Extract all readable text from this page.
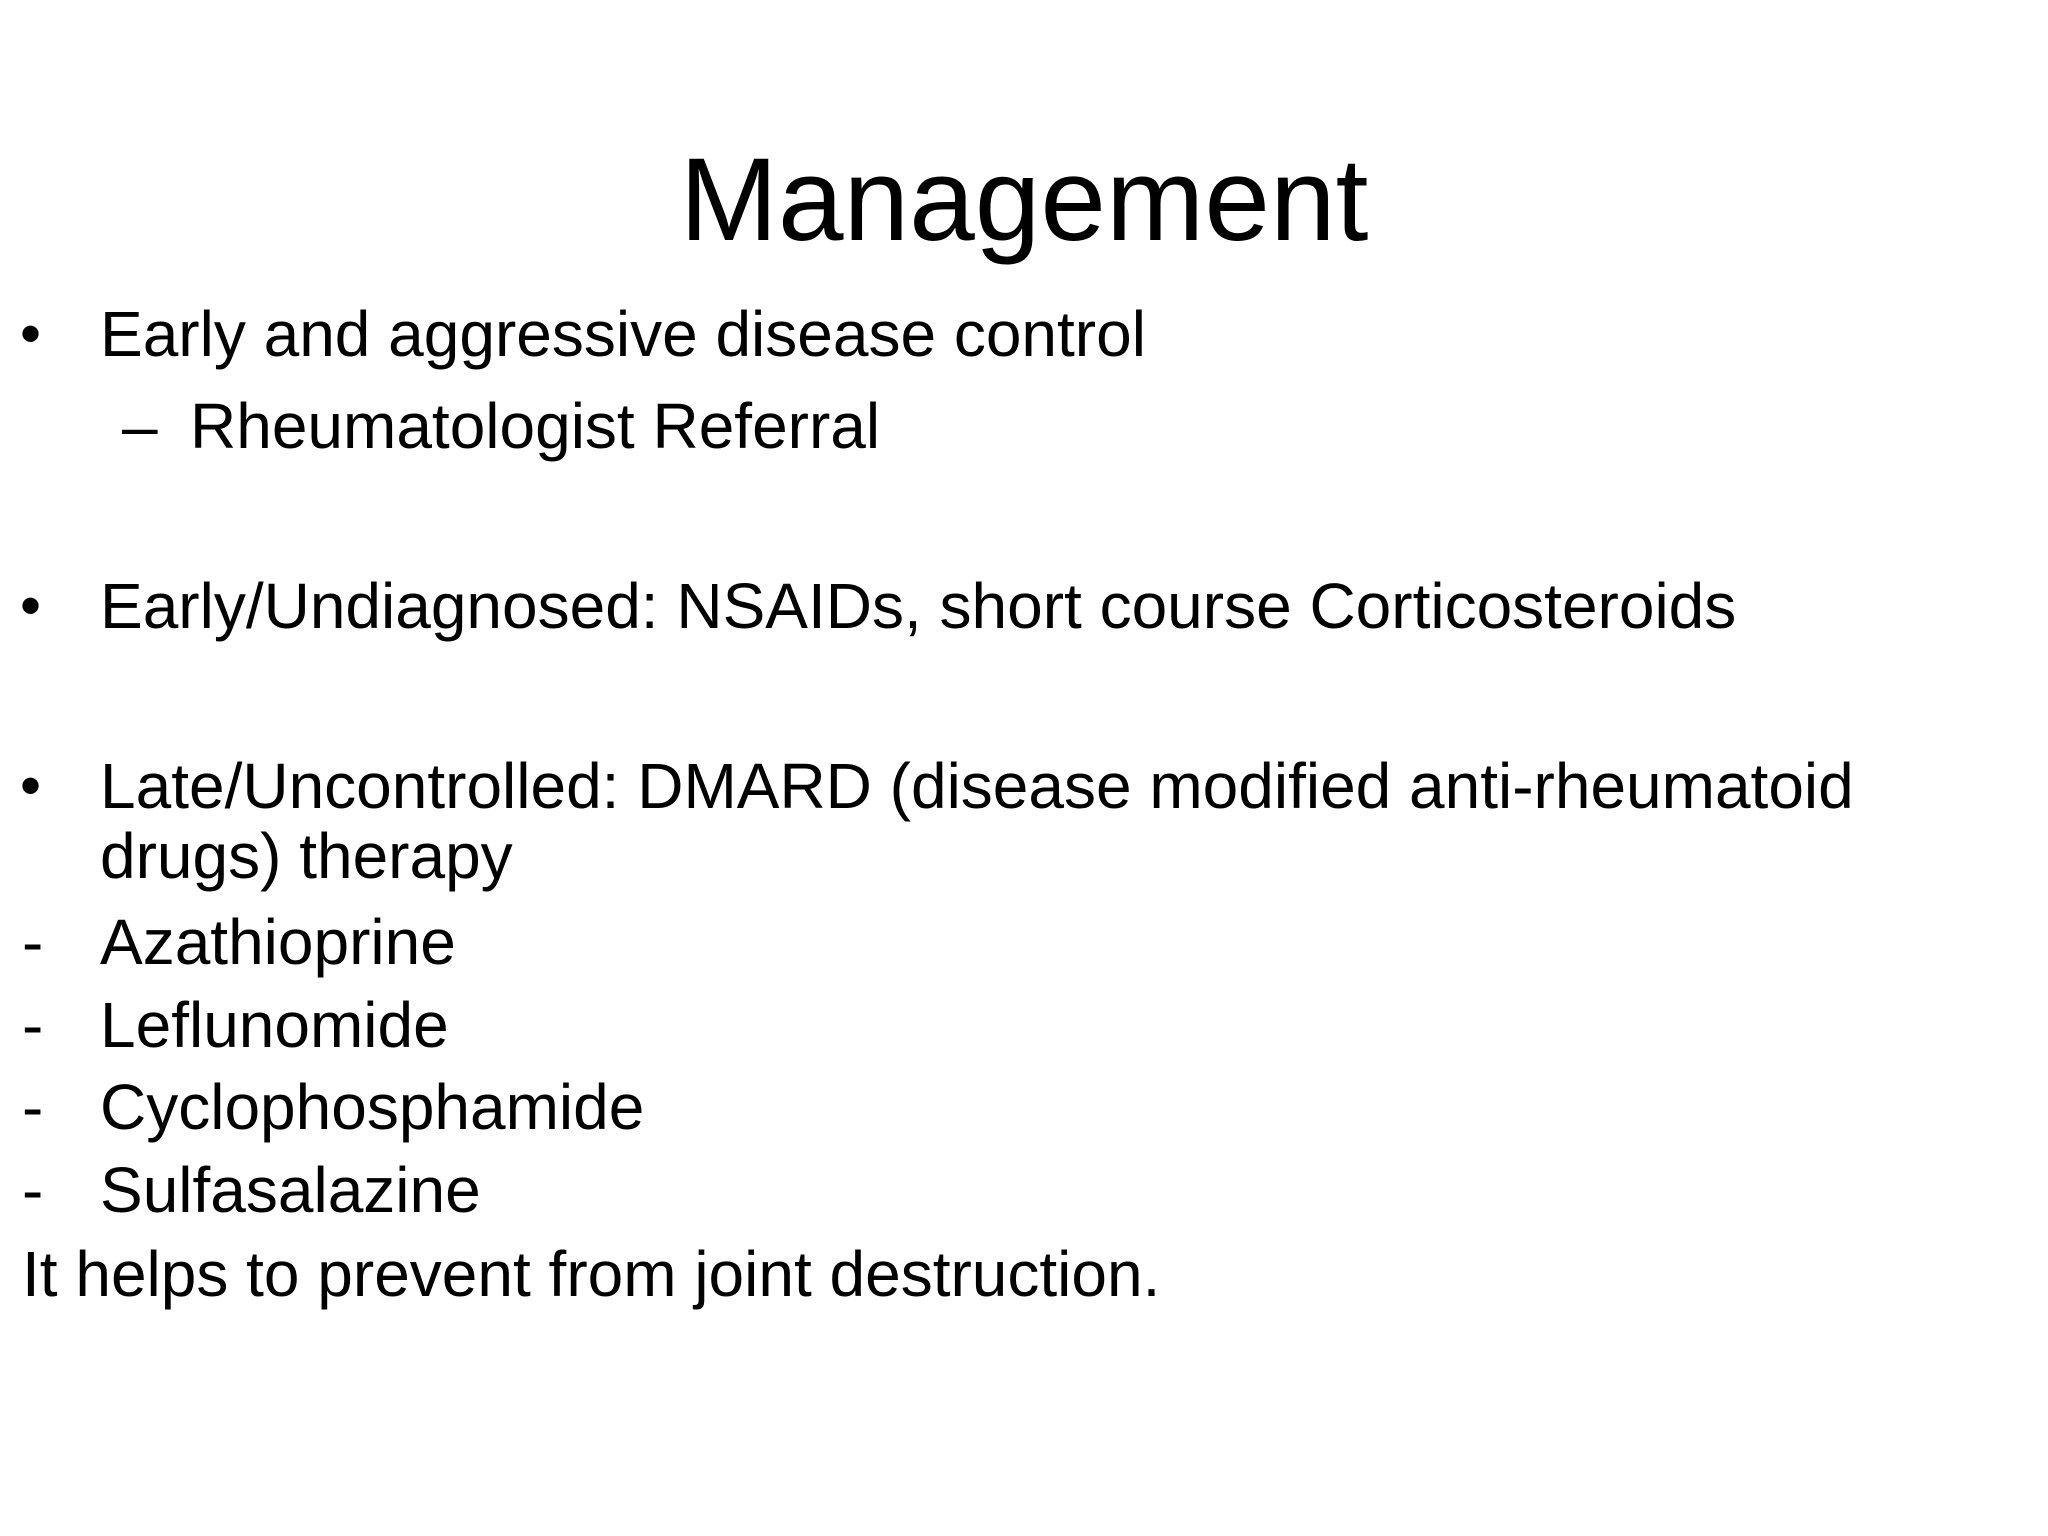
Management
• Early and aggressive disease control
– Rheumatologist Referral
• Early/Undiagnosed: NSAIDs, short course Corticosteroids
• Late/Uncontrolled: DMARD (disease modified anti-rheumatoid
drugs) therapy
- Azathioprine
- Leflunomide
- Cyclophosphamide
- Sulfasalazine
It helps to prevent from joint destruction.
